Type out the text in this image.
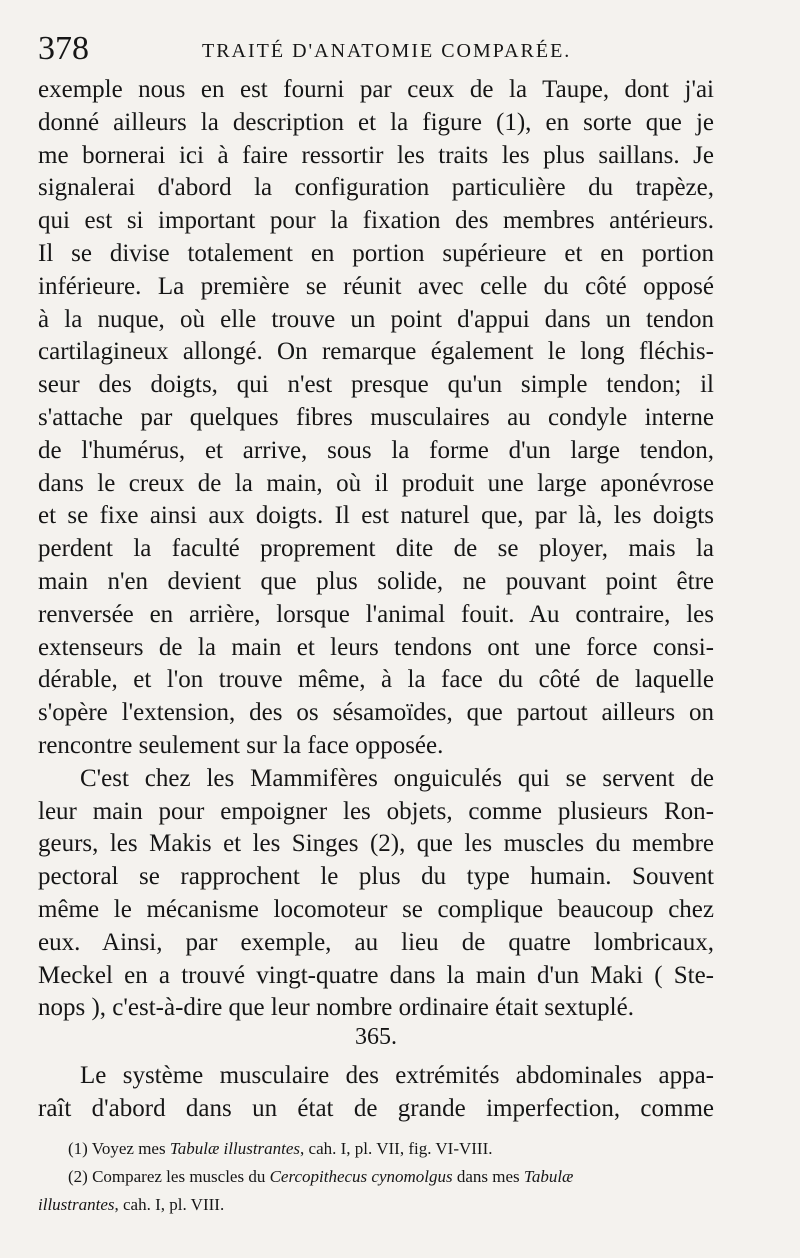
378	TRAITÉ D'ANATOMIE COMPARÉE.
exemple nous en est fourni par ceux de la Taupe, dont j'ai
donné ailleurs la description et la figure (1), en sorte que je
me bornerai ici à faire ressortir les traits les plus saillans. Je
signalerai d'abord la configuration particulière du trapèze,
qui est si important pour la fixation des membres antérieurs.
Il se divise totalement en portion supérieure et en portion
inférieure. La première se réunit avec celle du côté opposé
à la nuque, où elle trouve un point d'appui dans un tendon
cartilagineux allongé. On remarque également le long fléchis-
seur des doigts, qui n'est presque qu'un simple tendon; il
s'attache par quelques fibres musculaires au condyle interne
de l'humérus, et arrive, sous la forme d'un large tendon,
dans le creux de la main, où il produit une large aponévrose
et se fixe ainsi aux doigts. Il est naturel que, par là, les doigts
perdent la faculté proprement dite de se ployer, mais la
main n'en devient que plus solide, ne pouvant point être
renversée en arrière, lorsque l'animal fouit. Au contraire, les
extenseurs de la main et leurs tendons ont une force consi-
dérable, et l'on trouve même, à la face du côté de laquelle
s'opère l'extension, des os sésamoïdes, que partout ailleurs on
rencontre seulement sur la face opposée.
C'est chez les Mammifères onguiculés qui se servent de
leur main pour empoigner les objets, comme plusieurs Ron-
geurs, les Makis et les Singes (2), que les muscles du membre
pectoral se rapprochent le plus du type humain. Souvent
même le mécanisme locomoteur se complique beaucoup chez
eux. Ainsi, par exemple, au lieu de quatre lombricaux,
Meckel en a trouvé vingt-quatre dans la main d'un Maki ( Ste-
nops ), c'est-à-dire que leur nombre ordinaire était sextuplé.
365.
Le système musculaire des extrémités abdominales appa-
raît d'abord dans un état de grande imperfection, comme
(1) Voyez mes Tabulæ illustrantes, cah. I, pl. VII, fig. VI-VIII.
(2) Comparez les muscles du Cercopithecus cynomolgus dans mes Tabulæ
illustrantes, cah. I, pl. VIII.
